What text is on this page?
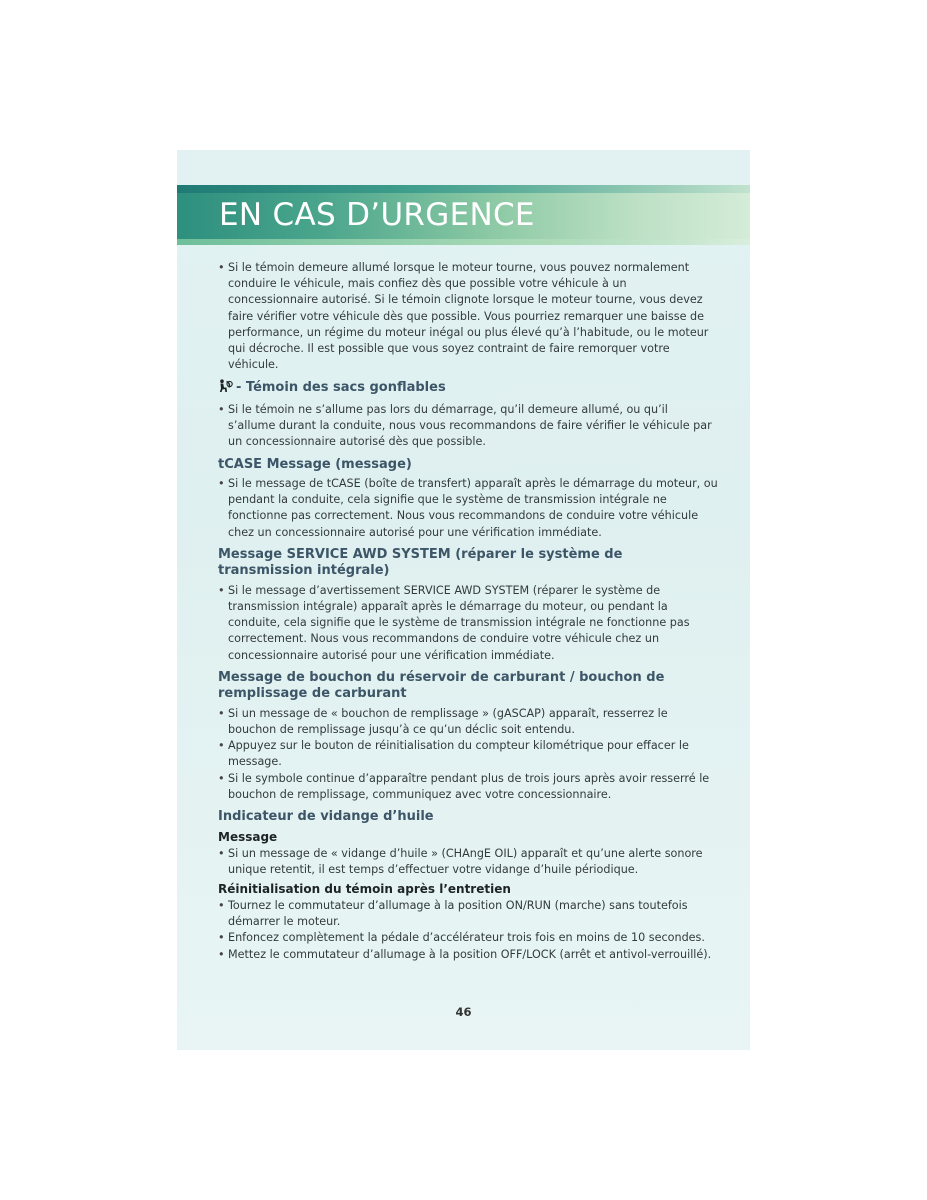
EN CAS D’URGENCE
• Si le témoin demeure allumé lorsque le moteur tourne, vous pouvez normalement conduire le véhicule, mais confiez dès que possible votre véhicule à un concessionnaire autorisé. Si le témoin clignote lorsque le moteur tourne, vous devez faire vérifier votre véhicule dès que possible. Vous pourriez remarquer une baisse de performance, un régime du moteur inégal ou plus élevé qu’à l’habitude, ou le moteur qui décroche. Il est possible que vous soyez contraint de faire remorquer votre véhicule.
- Témoin des sacs gonflables
• Si le témoin ne s’allume pas lors du démarrage, qu’il demeure allumé, ou qu’il s’allume durant la conduite, nous vous recommandons de faire vérifier le véhicule par un concessionnaire autorisé dès que possible.
tCASE Message (message)
• Si le message de tCASE (boîte de transfert) apparaît après le démarrage du moteur, ou pendant la conduite, cela signifie que le système de transmission intégrale ne fonctionne pas correctement. Nous vous recommandons de conduire votre véhicule chez un concessionnaire autorisé pour une vérification immédiate.
Message SERVICE AWD SYSTEM (réparer le système de transmission intégrale)
• Si le message d’avertissement SERVICE AWD SYSTEM (réparer le système de transmission intégrale) apparaît après le démarrage du moteur, ou pendant la conduite, cela signifie que le système de transmission intégrale ne fonctionne pas correctement. Nous vous recommandons de conduire votre véhicule chez un concessionnaire autorisé pour une vérification immédiate.
Message de bouchon du réservoir de carburant / bouchon de remplissage de carburant
• Si un message de « bouchon de remplissage » (gASCAP) apparaît, resserrez le bouchon de remplissage jusqu’à ce qu’un déclic soit entendu.
• Appuyez sur le bouton de réinitialisation du compteur kilométrique pour effacer le message.
• Si le symbole continue d’apparaître pendant plus de trois jours après avoir resserré le bouchon de remplissage, communiquez avec votre concessionnaire.
Indicateur de vidange d’huile
Message
• Si un message de « vidange d’huile » (CHAngE OIL) apparaît et qu’une alerte sonore unique retentit, il est temps d’effectuer votre vidange d’huile périodique.
Réinitialisation du témoin après l’entretien
• Tournez le commutateur d’allumage à la position ON/RUN (marche) sans toutefois démarrer le moteur.
• Enfoncez complètement la pédale d’accélérateur trois fois en moins de 10 secondes.
• Mettez le commutateur d’allumage à la position OFF/LOCK (arrêt et antivol-verrouillé).
46
